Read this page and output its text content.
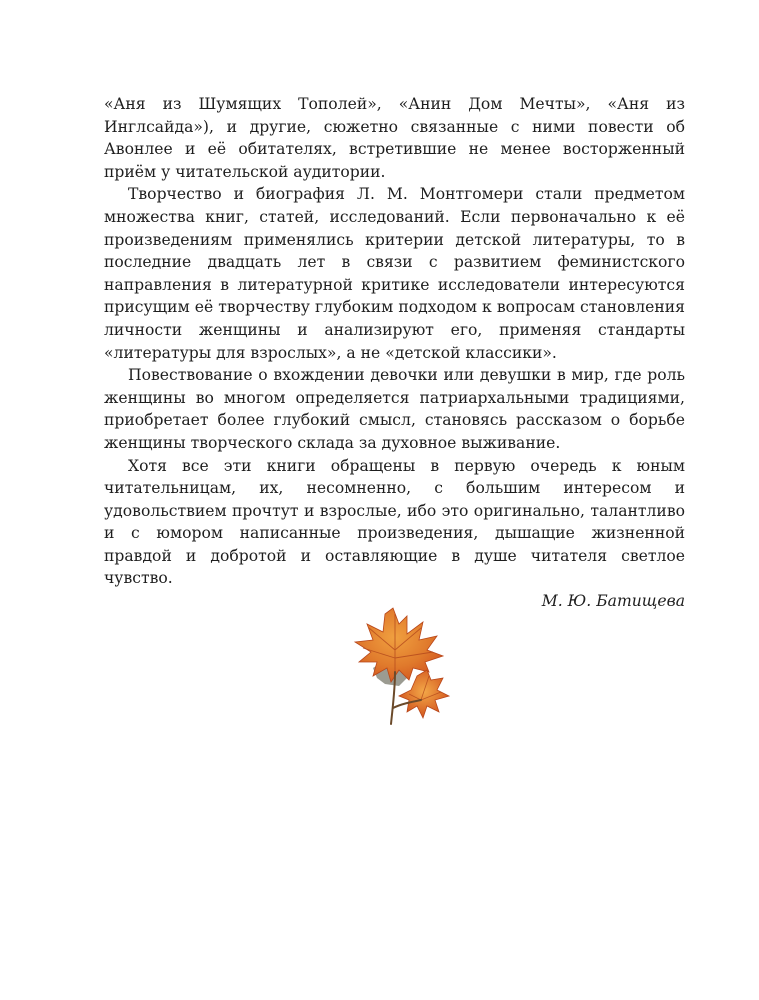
«Аня из Шумящих Тополей», «Анин Дом Мечты», «Аня из Инглсайда»), и другие, сюжетно связанные с ними повести об Авонлее и её обитателях, встретившие не менее восторженный приём у читательской аудитории.

Творчество и биография Л. М. Монтгомери стали предметом множества книг, статей, исследований. Если первоначально к её произведениям применялись критерии детской литературы, то в последние двадцать лет в связи с развитием феминистского направления в литературной критике исследователи интересуются присущим её творчеству глубоким подходом к вопросам становления личности женщины и анализируют его, применяя стандарты «литературы для взрослых», а не «детской классики».

Повествование о вхождении девочки или девушки в мир, где роль женщины во многом определяется патриархальными традициями, приобретает более глубокий смысл, становясь рассказом о борьбе женщины творческого склада за духовное выживание.

Хотя все эти книги обращены в первую очередь к юным читательницам, их, несомненно, с большим интересом и удовольствием прочтут и взрослые, ибо это оригинально, талантливо и с юмором написанные произведения, дышащие жизненной правдой и добротой и оставляющие в душе читателя светлое чувство.

М. Ю. Батищева
